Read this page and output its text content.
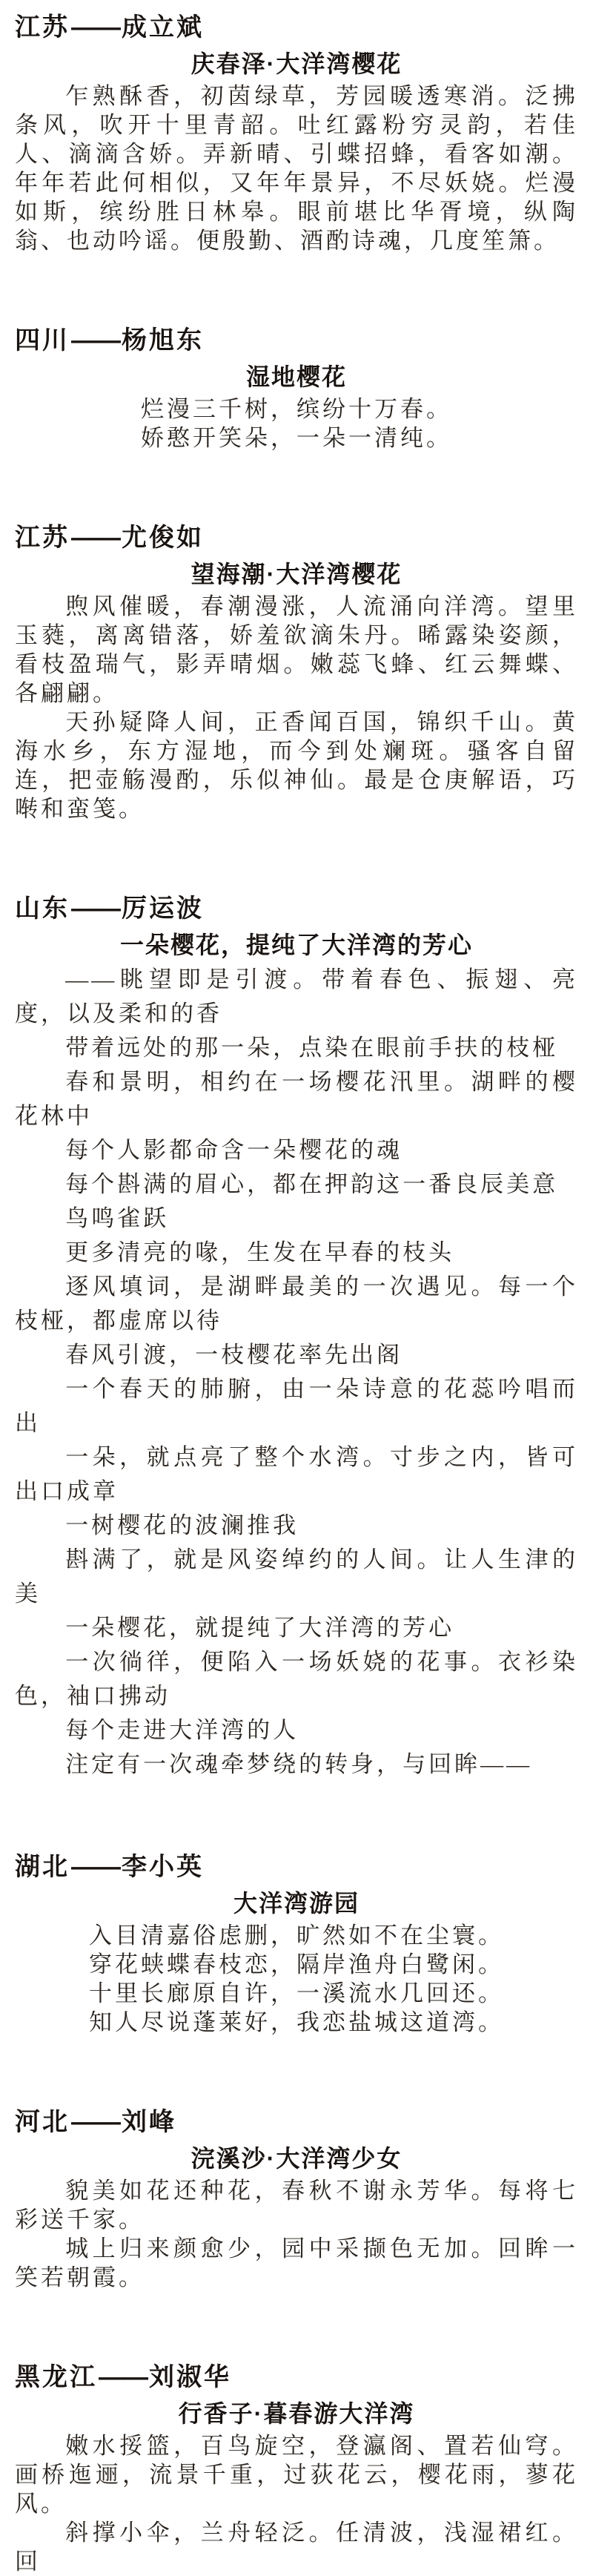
江苏——成立斌
庆春泽·大洋湾樱花

乍熟酥香，初茵绿草，芳园暖透寒消。泛拂条风，吹开十里青韶。吐红露粉穷灵韵，若佳人、滴滴含娇。弄新晴、引蝶招蜂，看客如潮。年年若此何相似，又年年景异，不尽妖娆。烂漫如斯，缤纷胜日林皋。眼前堪比华胥境，纵陶翁、也动吟谣。便殷勤、酒酌诗魂，几度笙箫。

四川——杨旭东
湿地樱花

烂漫三千树，缤纷十万春。

娇憨开笑朵，一朵一清纯。

江苏——尤俊如
望海潮·大洋湾樱花

煦风催暖，春潮漫涨，人流涌向洋湾。望里玉蕤，离离错落，娇羞欲滴朱丹。晞露染姿颜，看枝盈瑞气，影弄晴烟。嫩蕊飞蜂、红云舞蝶、各翩翩。

天孙疑降人间，正香闻百国，锦织千山。黄海水乡，东方湿地，而今到处斓斑。骚客自留连，把壶觞漫酌，乐似神仙。最是仓庚解语，巧啭和蛮笺。

山东——厉运波
一朵樱花，提纯了大洋湾的芳心

——眺望即是引渡。带着春色、振翅、亮度，以及柔和的香

带着远处的那一朵，点染在眼前手扶的枝桠

春和景明，相约在一场樱花汛里。湖畔的樱花林中

每个人影都命含一朵樱花的魂

每个斟满的眉心，都在押韵这一番良辰美意

鸟鸣雀跃

更多清亮的喙，生发在早春的枝头

逐风填词，是湖畔最美的一次遇见。每一个枝桠，都虚席以待

春风引渡，一枝樱花率先出阁

一个春天的肺腑，由一朵诗意的花蕊吟唱而出

一朵，就点亮了整个水湾。寸步之内，皆可出口成章

一树樱花的波澜推我

斟满了，就是风姿绰约的人间。让人生津的美

一朵樱花，就提纯了大洋湾的芳心

一次徜徉，便陷入一场妖娆的花事。衣衫染色，袖口拂动

每个走进大洋湾的人

注定有一次魂牵梦绕的转身，与回眸——

湖北——李小英
大洋湾游园

入目清嘉俗虑删，旷然如不在尘寰。

穿花蛱蝶春枝恋，隔岸渔舟白鹭闲。

十里长廊原自许，一溪流水几回还。

知人尽说蓬莱好，我恋盐城这道湾。

河北——刘峰
浣溪沙·大洋湾少女

貌美如花还种花，春秋不谢永芳华。每将七彩送千家。

城上归来颜愈少，园中采撷色无加。回眸一笑若朝霞。

黑龙江——刘淑华
行香子·暮春游大洋湾

嫩水挼篮，百鸟旋空，登瀛阁、置若仙穹。画桥迤逦，流景千重，过荻花云，樱花雨，蓼花风。

斜撑小伞，兰舟轻泛。任清波，浅湿裙红。回
